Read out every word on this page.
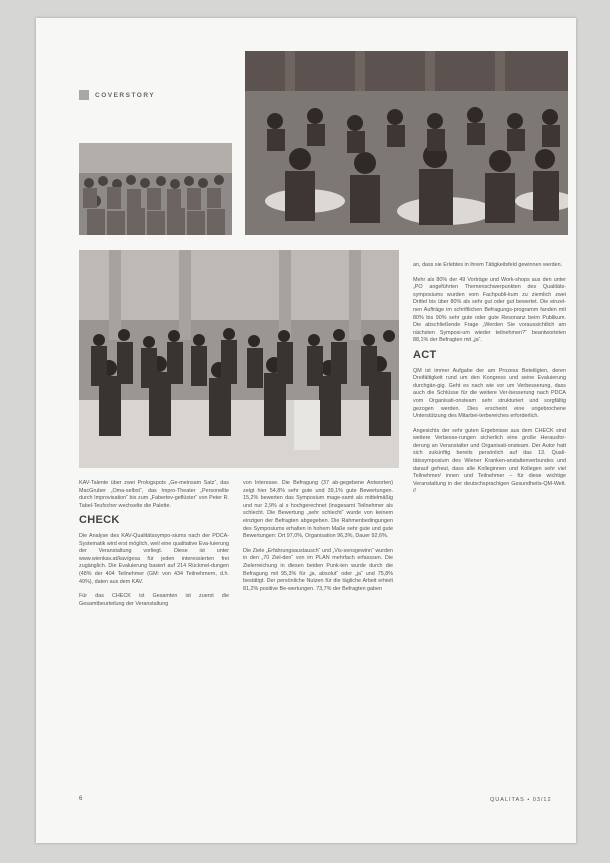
COVERSTORY

KAV-Talente über zwei Prologspots „Ge-meinsam Satz“, das MacGruber „Oma-selbst“, das Impro-Theater „Personellte durch Improvisation“ bis zum „Fabertev-geflüster“ von Peter R. Tabel-Teufscher wechselte die Palette.

CHECK

Die Analyse des KAV-Qualitätssympo-siums nach der PDCA-Systematik wird erst möglich, weil eine qualitative Eva-luierung der Veranstaltung vorliegt. Diese ist unter www.wienkav.at/kav/gesa für jeden interessierten frei zugänglich. Die Evaluierung basiert auf 214 Rückmel-dungen (48% der 404 Teilnehmer (GM: von 434 Teilnehmern, d.h. 49%), daten aus dem KAV.

Für das CHECK ist Gesamten ist zuerst die Gesamtbeurteilung der Veranstaltung

von Interesse. Die Befragung (37 ab-gegebene Antworten) zeigt hier 54,8% sehr gute und 39,1% gute Bewertungen. 15,2% bewerten das Symposium mage-samt als mittelmäßig und nur 2,9% al s hochgerechnet (insgesamt Teilnehmer als schlecht. Die Bewertung „sehr schlecht“ wurde von keinem einzigen der Befragten abgegeben. Die Rahmenbedingungen des Symposiums erhalten in hohem Maße sehr gute und gute Bewertungen: Ort 97,0%, Organisation 96,3%, Dauer 92,6%.

Die Ziele „Erfahrungsaustausch“ und „Vis-sensgewinn“ wurden in den „70 Ziel-den“ von im PLAN mehrfach erfasssen. Die Zielerreichung in diesen beiden Punk-ten wurde durch die Befragung mit 95,3% für „ja, absolut“ oder „ja“ und 75,8% bestätigt. Der persönliche Nutzen für die tägliche Arbeit erhielt 81,2% positive Be-wertungen. 73,7% der Befragten gaben

an, dass sie Erlebtes in ihrem Tätigkeitsfeld gewinnen werden.

Mehr als 80% der 49 Vorträge und Work-shops aus den unter „PO angeführten Themenschwerpunkten des Qualitäts-symposiums wurden vom Fachpubli-kum zu ziemlich zwei Drittel bis über 80% als sehr gut oder gut bewertet. Die einzel-nen Aufträge im schriftlichen Befragungs-programm fanden mit 80% bis 90% sehr gute oder gute Resonanz beim Publikum. Die abschließende Frage „Werden Sie voraussichtlich am nächsten Symposi-um wieder teilnehmen?“ beantworteten 88,1% der Befragten mit „ja“.

ACT

QM ist immer Aufgabe der am Prozess Beteiligten, deren Dreifältigkeit rund um den Kongress und seine Evaluierung durchgän-gig. Geht es nach wie vor um Verbesserung, dass auch die Schlüsse für die weitere Ver-besserung nach PDCA vom Organisati-onsteam sehr strukturiert und sorgfältig gezogen werden. Dies erscheint eine ungebrochene Unterstützung des Mitarbei-terbereiches erforderlich.

Angesichts der sehr guten Ergebnisse aus dem CHECK sind weitere Verbesse-rungen sicherlich eine große Herausfor-derung an Veranstalter und Organisati-onsteam. Der Autor hatt sich zukünftig bereits persönlich auf das 13. Quali-tätssymposium des Wiener Kranken-anstaltenverbundes und darauf gefreut, dass alle Kolleginnen und Kollegen sehr viel Teilnehmer/ innen und Teilnehmer – für diese wichtige Veranstaltung in der deutschsprachigen Gesundheits-QM-Welt. //

6	QUALITAS • 03/12
